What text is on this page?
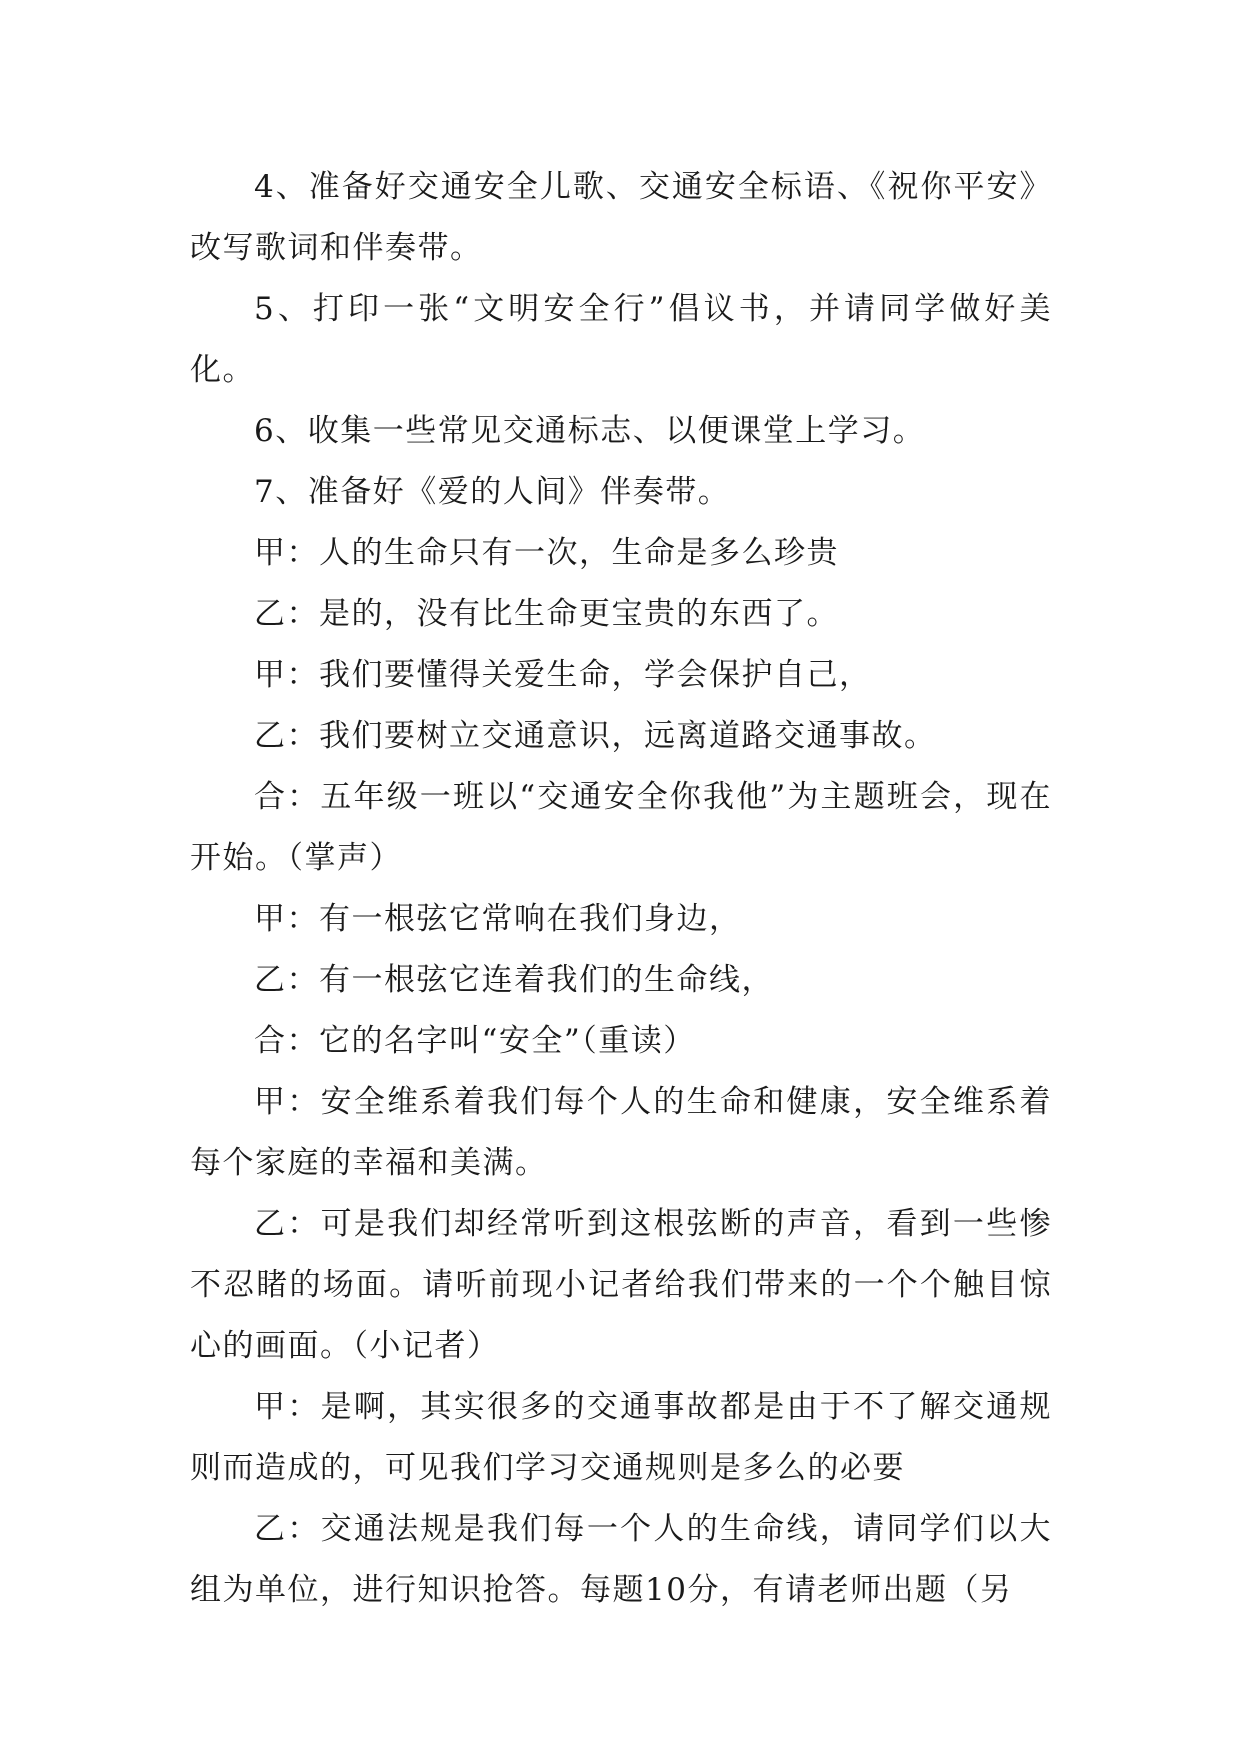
4、准备好交通安全儿歌、交通安全标语、《祝你平安》改写歌词和伴奏带。

5、打印一张“文明安全行”倡议书，并请同学做好美化。

6、收集一些常见交通标志、以便课堂上学习。

7、准备好《爱的人间》伴奏带。

甲：人的生命只有一次，生命是多么珍贵

乙：是的，没有比生命更宝贵的东西了。

甲：我们要懂得关爱生命，学会保护自己，

乙：我们要树立交通意识，远离道路交通事故。

合：五年级一班以“交通安全你我他”为主题班会，现在开始。（掌声）

甲：有一根弦它常响在我们身边，

乙：有一根弦它连着我们的生命线，

合：它的名字叫“安全”（重读）

甲：安全维系着我们每个人的生命和健康，安全维系着每个家庭的幸福和美满。

乙：可是我们却经常听到这根弦断的声音，看到一些惨不忍睹的场面。请听前现小记者给我们带来的一个个触目惊心的画面。（小记者）

甲：是啊，其实很多的交通事故都是由于不了解交通规则而造成的，可见我们学习交通规则是多么的必要

乙：交通法规是我们每一个人的生命线，请同学们以大组为单位，进行知识抢答。每题10分，有请老师出题（另
